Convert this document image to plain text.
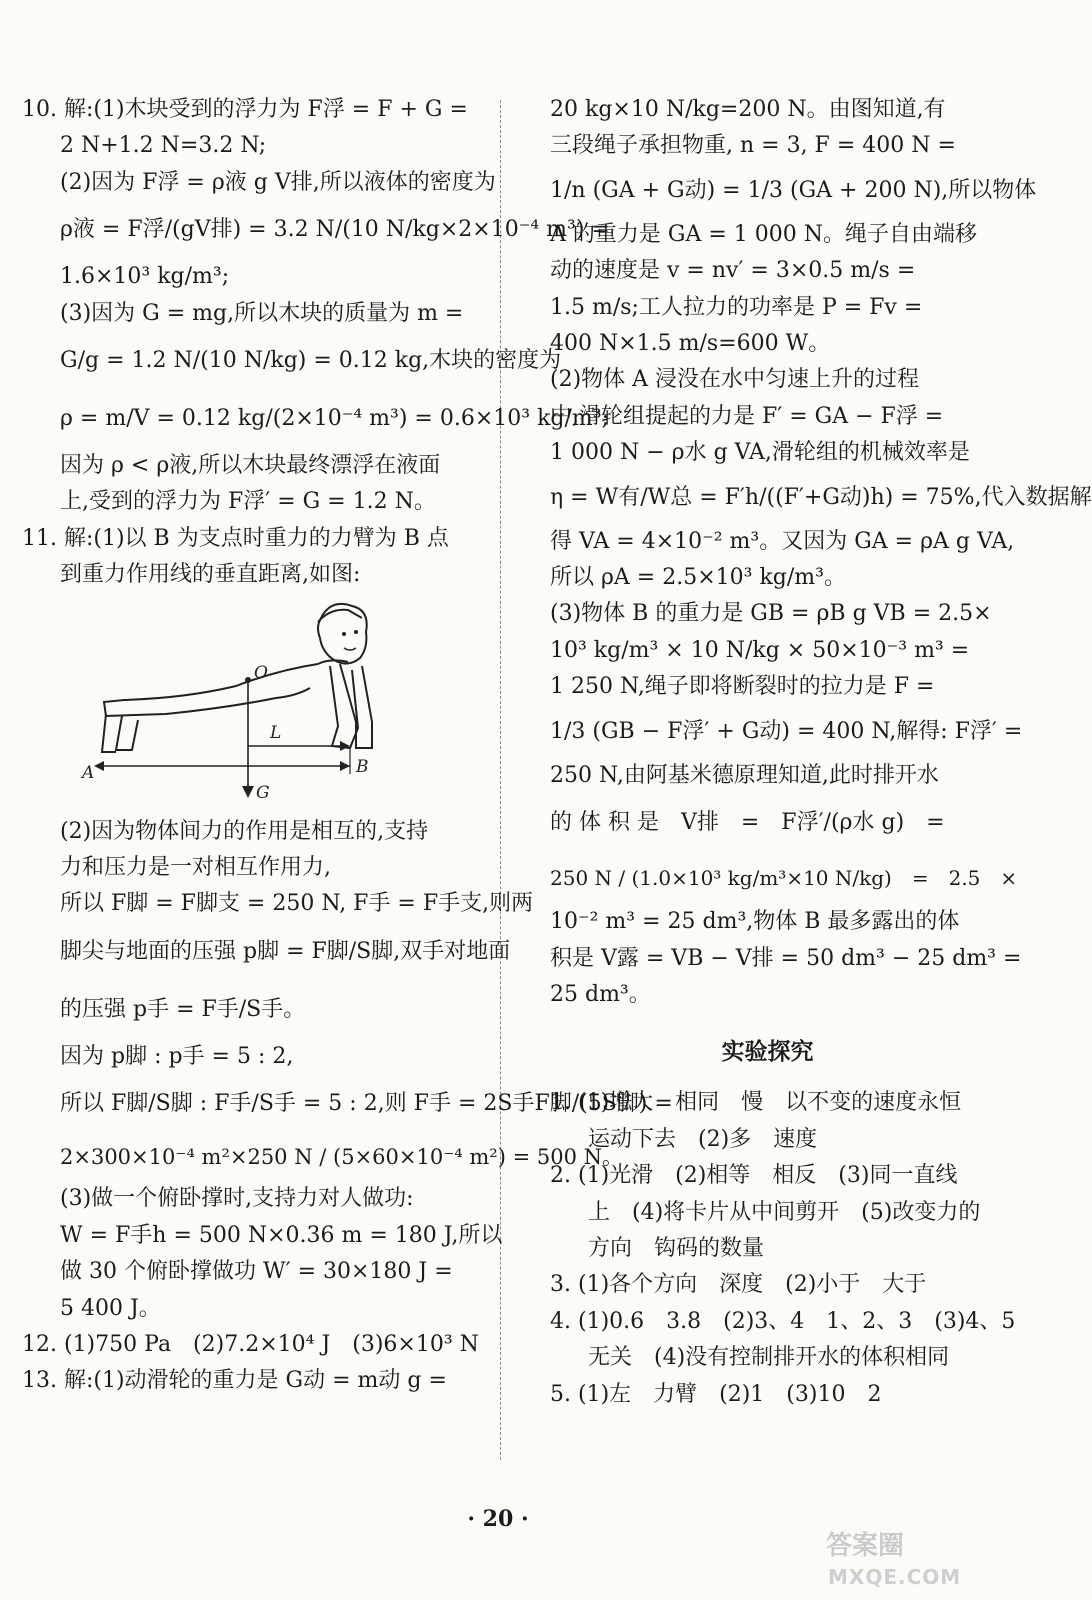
10. 解:(1)木块受到的浮力为 F浮 = F + G =

2 N+1.2 N=3.2 N;

(2)因为 F浮 = ρ液 g V排,所以液体的密度为

ρ液 = F浮/(gV排) = 3.2 N/(10 N/kg×2×10⁻⁴ m³) =

1.6×10³ kg/m³;

(3)因为 G = mg,所以木块的质量为 m =

G/g = 1.2 N/(10 N/kg) = 0.12 kg,木块的密度为

ρ = m/V = 0.12 kg/(2×10⁻⁴ m³) = 0.6×10³ kg/m³;

因为 ρ < ρ液,所以木块最终漂浮在液面

上,受到的浮力为 F浮′ = G = 1.2 N。

11. 解:(1)以 B 为支点时重力的力臂为 B 点

到重力作用线的垂直距离,如图:

O
G
L
A	B

(2)因为物体间力的作用是相互的,支持

力和压力是一对相互作用力,

所以 F脚 = F脚支 = 250 N, F手 = F手支,则两

脚尖与地面的压强 p脚 = F脚/S脚,双手对地面

的压强 p手 = F手/S手。

因为 p脚 : p手 = 5 : 2,

所以 F脚/S脚 : F手/S手 = 5 : 2,则 F手 = 2S手F脚/(5S脚) =

2×300×10⁻⁴ m²×250 N / (5×60×10⁻⁴ m²) = 500 N。

(3)做一个俯卧撑时,支持力对人做功:

W = F手h = 500 N×0.36 m = 180 J,所以

做 30 个俯卧撑做功 W′ = 30×180 J =

5 400 J。

12. (1)750 Pa　(2)7.2×10⁴ J　(3)6×10³ N

13. 解:(1)动滑轮的重力是 G动 = m动 g =

20 kg×10 N/kg=200 N。由图知道,有

三段绳子承担物重, n = 3, F = 400 N =

1/n (GA + G动) = 1/3 (GA + 200 N),所以物体

A 的重力是 GA = 1 000 N。绳子自由端移

动的速度是 v = nv′ = 3×0.5 m/s =

1.5 m/s;工人拉力的功率是 P = Fv =

400 N×1.5 m/s=600 W。

(2)物体 A 浸没在水中匀速上升的过程

中,滑轮组提起的力是 F′ = GA − F浮 =

1 000 N − ρ水 g VA,滑轮组的机械效率是

η = W有/W总 = F′h/((F′+G动)h) = 75%,代入数据解

得 VA = 4×10⁻² m³。又因为 GA = ρA g VA,

所以 ρA = 2.5×10³ kg/m³。

(3)物体 B 的重力是 GB = ρB g VB = 2.5×

10³ kg/m³ × 10 N/kg × 50×10⁻³ m³ =

1 250 N,绳子即将断裂时的拉力是 F =

1/3 (GB − F浮′ + G动) = 400 N,解得: F浮′ =

250 N,由阿基米德原理知道,此时排开水

的 体 积 是　V排　=　F浮′/(ρ水 g)　=

250 N / (1.0×10³ kg/m³×10 N/kg)　=　2.5　×

10⁻² m³ = 25 dm³,物体 B 最多露出的体

积是 V露 = VB − V排 = 50 dm³ − 25 dm³ =

25 dm³。

实验探究

1. (1)增大　相同　慢　以不变的速度永恒

运动下去　(2)多　速度

2. (1)光滑　(2)相等　相反　(3)同一直线

上　(4)将卡片从中间剪开　(5)改变力的

方向　钩码的数量

3. (1)各个方向　深度　(2)小于　大于

4. (1)0.6　3.8　(2)3、4　1、2、3　(3)4、5

无关　(4)没有控制排开水的体积相同

5. (1)左　力臂　(2)1　(3)10　2

· 20 ·
答案圈
MXQE.COM
